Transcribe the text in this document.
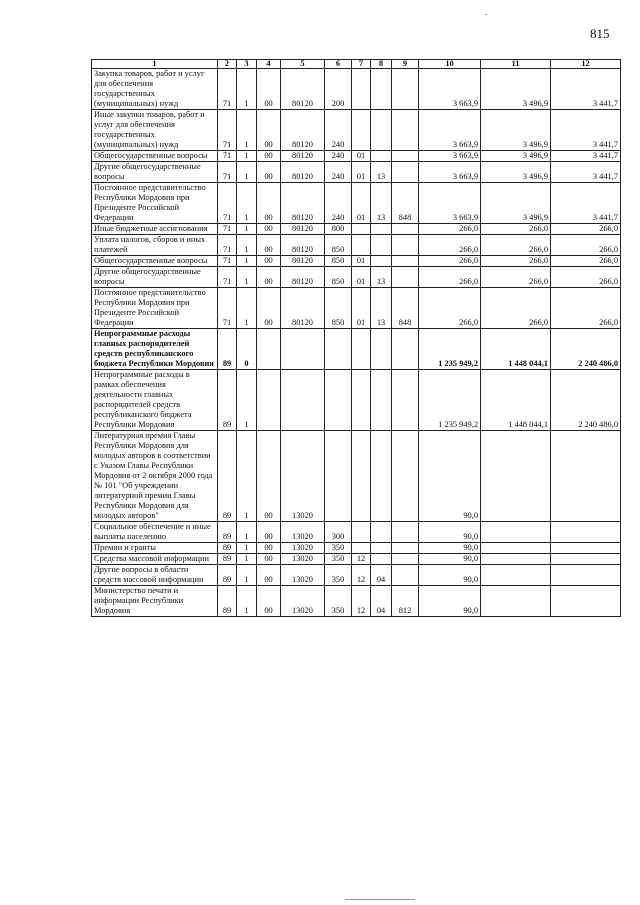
815
1	2	3	4	5	6	7	8	9	10	11	12
Закупка товаров, работ и услуг для обеспечения государственных (муниципальных) нужд	71	1	00	80120	200				3 663,9	3 496,9	3 441,7
Иные закупки товаров, работ и услуг для обеспечения государственных (муниципальных) нужд	71	1	00	80120	240				3 663,9	3 496,9	3 441,7
Общегосударственные вопросы	71	1	00	80120	240	01			3 663,9	3 496,9	3 441,7
Другие общегосударственные вопросы	71	1	00	80120	240	01	13		3 663,9	3 496,9	3 441,7
Постоянное представительство Республики Мордовия при Президенте Российской Федерации	71	1	00	80120	240	01	13	848	3 663,9	3 496,9	3 441,7
Иные бюджетные ассигнования	71	1	00	80120	800				266,0	266,0	266,0
Уплата налогов, сборов и иных платежей	71	1	00	80120	850				266,0	266,0	266,0
Общегосударственные вопросы	71	1	00	80120	850	01			266,0	266,0	266,0
Другие общегосударственные вопросы	71	1	00	80120	850	01	13		266,0	266,0	266,0
Постоянное представительство Республики Мордовия при Президенте Российской Федерации	71	1	00	80120	850	01	13	848	266,0	266,0	266,0
Непрограммные расходы главных распорядителей средств республиканского бюджета Республики Мордовия	89	0							1 235 949,2	1 448 044,1	2 240 486,0
Непрограммные расходы в рамках обеспечения деятельности главных распорядителей средств республиканского бюджета Республики Мордовия	89	1							1 235 949,2	1 448 044,1	2 240 486,0
Литературная премия Главы Республики Мордовия для молодых авторов в соответствии с Указом Главы Республики Мордовия от 2 октября 2000 года № 101 "Об учреждении литературной премии Главы Республики Мордовия для молодых авторов"	89	1	00	13020					90,0		
Социальное обеспечение и иные выплаты населению	89	1	00	13020	300				90,0		
Премии и гранты	89	1	00	13020	350				90,0		
Средства массовой информации	89	1	00	13020	350	12			90,0		
Другие вопросы в области средств массовой информации	89	1	00	13020	350	12	04		90,0		
Министерство печати и информации Республики Мордовия	89	1	00	13020	350	12	04	812	90,0		
